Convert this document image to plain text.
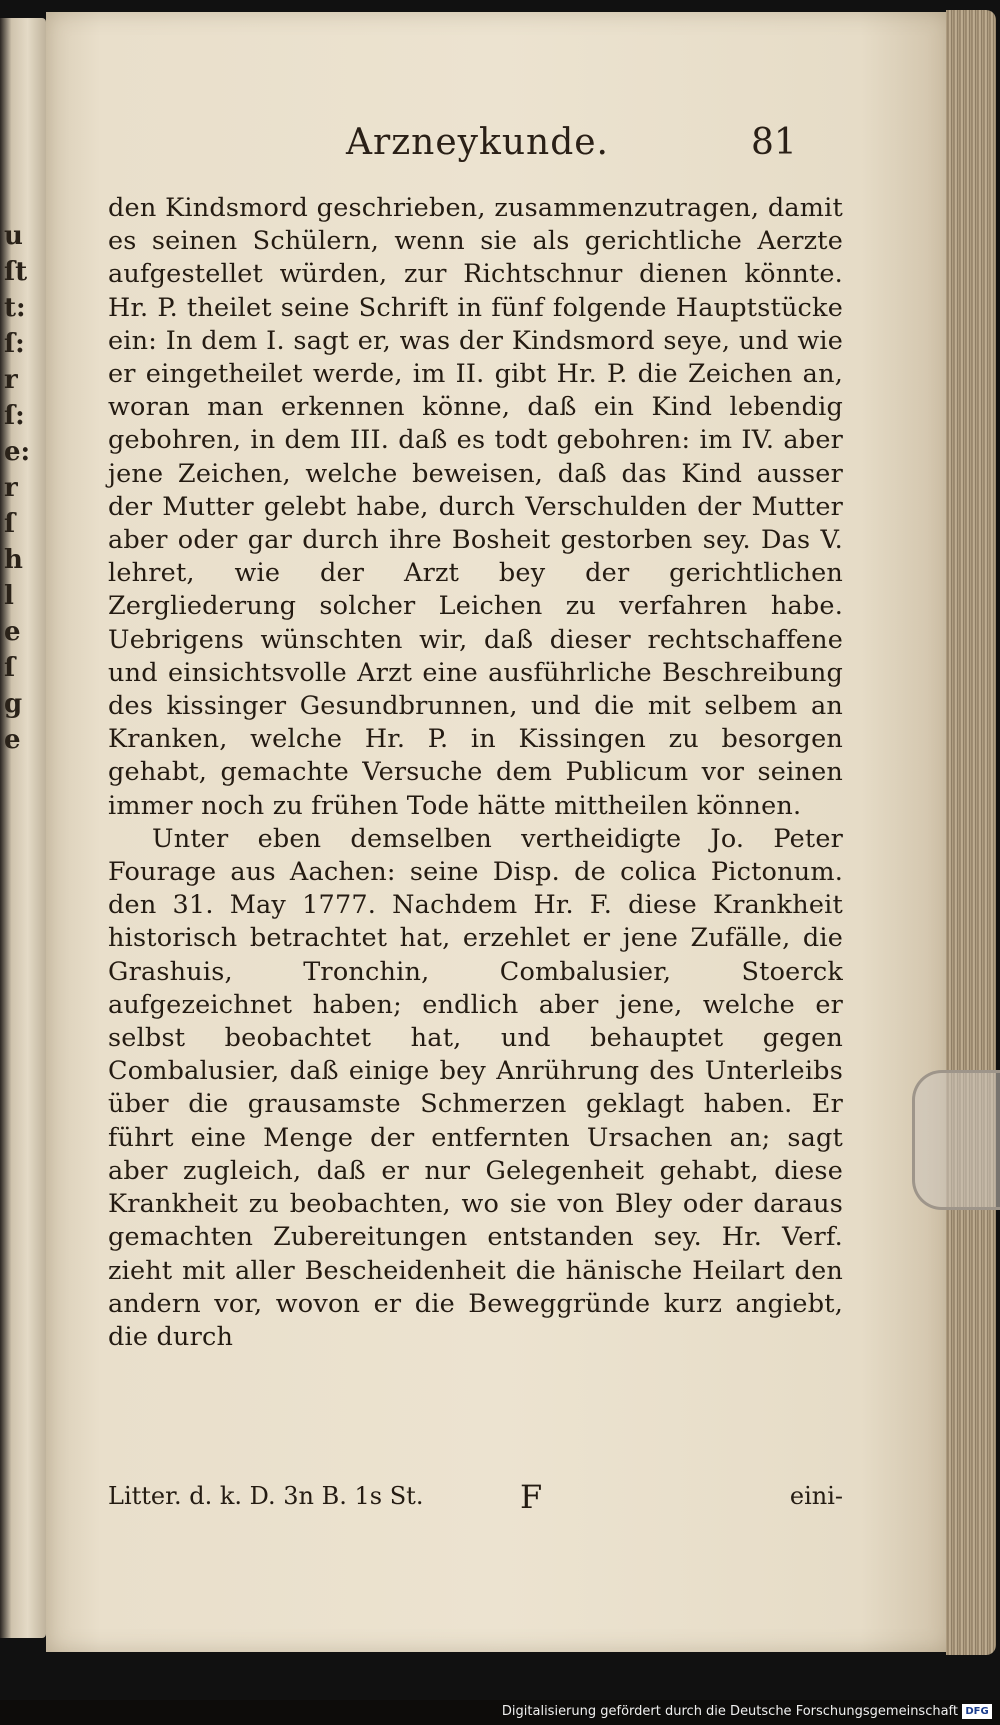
u
ſt
t:
ſ:
r
ſ:
e:
r
ſ
h
l
e
ſ
g
e
Arzneykunde.	81

den Kindsmord geschrieben, zusammenzutragen, damit es seinen Schülern, wenn sie als gerichtliche Aerzte aufgestellet würden, zur Richtschnur dienen könnte. Hr. P. theilet seine Schrift in fünf folgende Hauptstücke ein: In dem I. sagt er, was der Kindsmord seye, und wie er eingetheilet werde, im II. gibt Hr. P. die Zeichen an, woran man erkennen könne, daß ein Kind lebendig gebohren, in dem III. daß es todt gebohren: im IV. aber jene Zeichen, welche beweisen, daß das Kind ausser der Mutter gelebt habe, durch Verschulden der Mutter aber oder gar durch ihre Bosheit gestorben sey. Das V. lehret, wie der Arzt bey der gerichtlichen Zergliederung solcher Leichen zu verfahren habe. Uebrigens wünschten wir, daß dieser rechtschaffene und einsichtsvolle Arzt eine ausführliche Beschreibung des kissinger Gesundbrunnen, und die mit selbem an Kranken, welche Hr. P. in Kissingen zu besorgen gehabt, gemachte Versuche dem Publicum vor seinen immer noch zu frühen Tode hätte mittheilen können.

Unter eben demselben vertheidigte Jo. Peter Fourage aus Aachen: seine Disp. de colica Pictonum. den 31. May 1777. Nachdem Hr. F. diese Krankheit historisch betrachtet hat, erzehlet er jene Zufälle, die Grashuis, Tronchin, Combalusier, Stoerck aufgezeichnet haben; endlich aber jene, welche er selbst beobachtet hat, und behauptet gegen Combalusier, daß einige bey Anrührung des Unterleibs über die grausamste Schmerzen geklagt haben. Er führt eine Menge der entfernten Ursachen an; sagt aber zugleich, daß er nur Gelegenheit gehabt, diese Krankheit zu beobachten, wo sie von Bley oder daraus gemachten Zubereitungen entstanden sey. Hr. Verf. zieht mit aller Bescheidenheit die hänische Heilart den andern vor, wovon er die Beweggründe kurz angiebt, die durch

Litter. d. k. D. 3n B. 1s St.	F	eini-
Digitalisierung gefördert durch die Deutsche Forschungsgemeinschaft DFG
